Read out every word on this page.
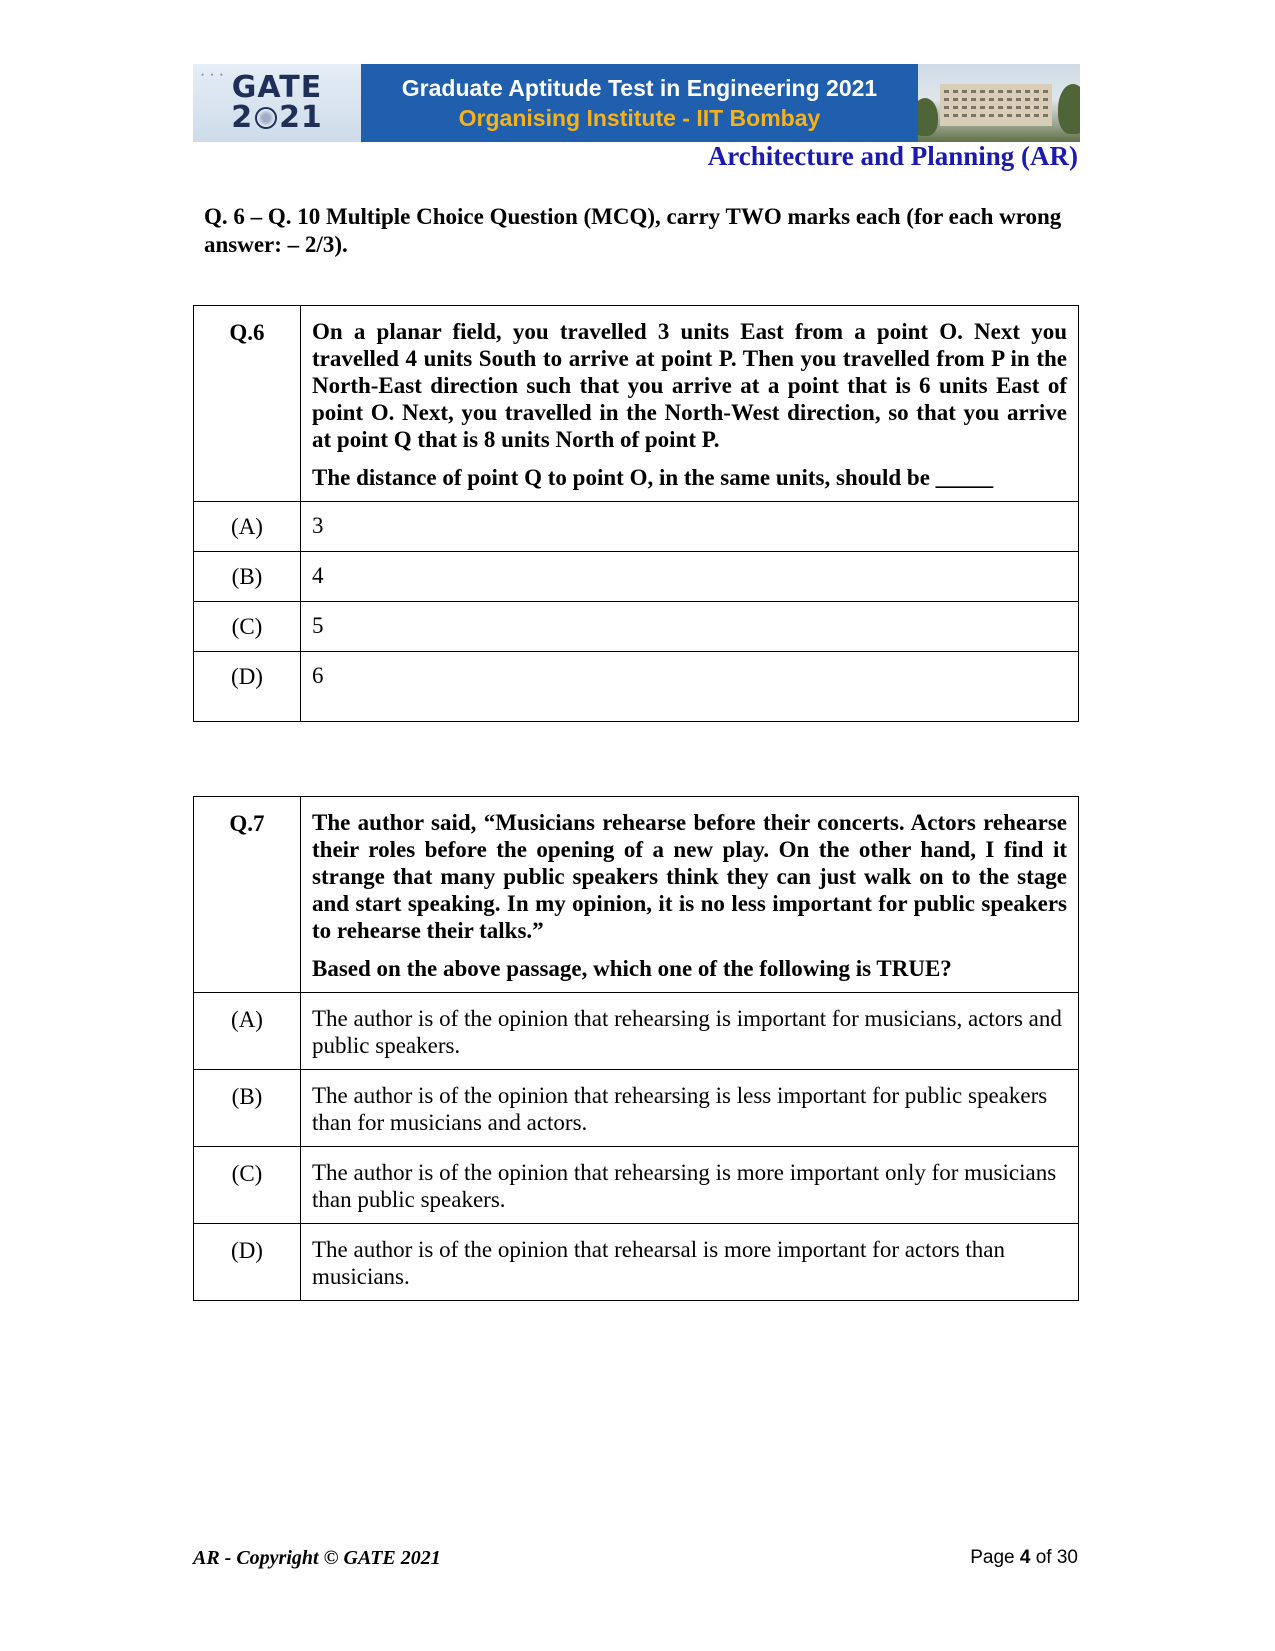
• • • GATE
2 21
Graduate Aptitude Test in Engineering 2021
Organising Institute - IIT Bombay
Architecture and Planning (AR)
Q. 6 – Q. 10 Multiple Choice Question (MCQ), carry TWO marks each (for each wrong answer: – 2/3).
Q.6	On a planar field, you travelled 3 units East from a point O. Next you travelled 4 units South to arrive at point P. Then you travelled from P in the North-East direction such that you arrive at a point that is 6 units East of point O. Next, you travelled in the North-West direction, so that you arrive at point Q that is 8 units North of point P.
The distance of point Q to point O, in the same units, should be _____

(A)	3
(B)	4
(C)	5
(D)	6
Q.7	The author said, “Musicians rehearse before their concerts. Actors rehearse their roles before the opening of a new play. On the other hand, I find it strange that many public speakers think they can just walk on to the stage and start speaking. In my opinion, it is no less important for public speakers to rehearse their talks.”
Based on the above passage, which one of the following is TRUE?

(A)	The author is of the opinion that rehearsing is important for musicians, actors and public speakers.
(B)	The author is of the opinion that rehearsing is less important for public speakers than for musicians and actors.
(C)	The author is of the opinion that rehearsing is more important only for musicians than public speakers.
(D)	The author is of the opinion that rehearsal is more important for actors than musicians.
AR - Copyright © GATE 2021	Page 4 of 30
